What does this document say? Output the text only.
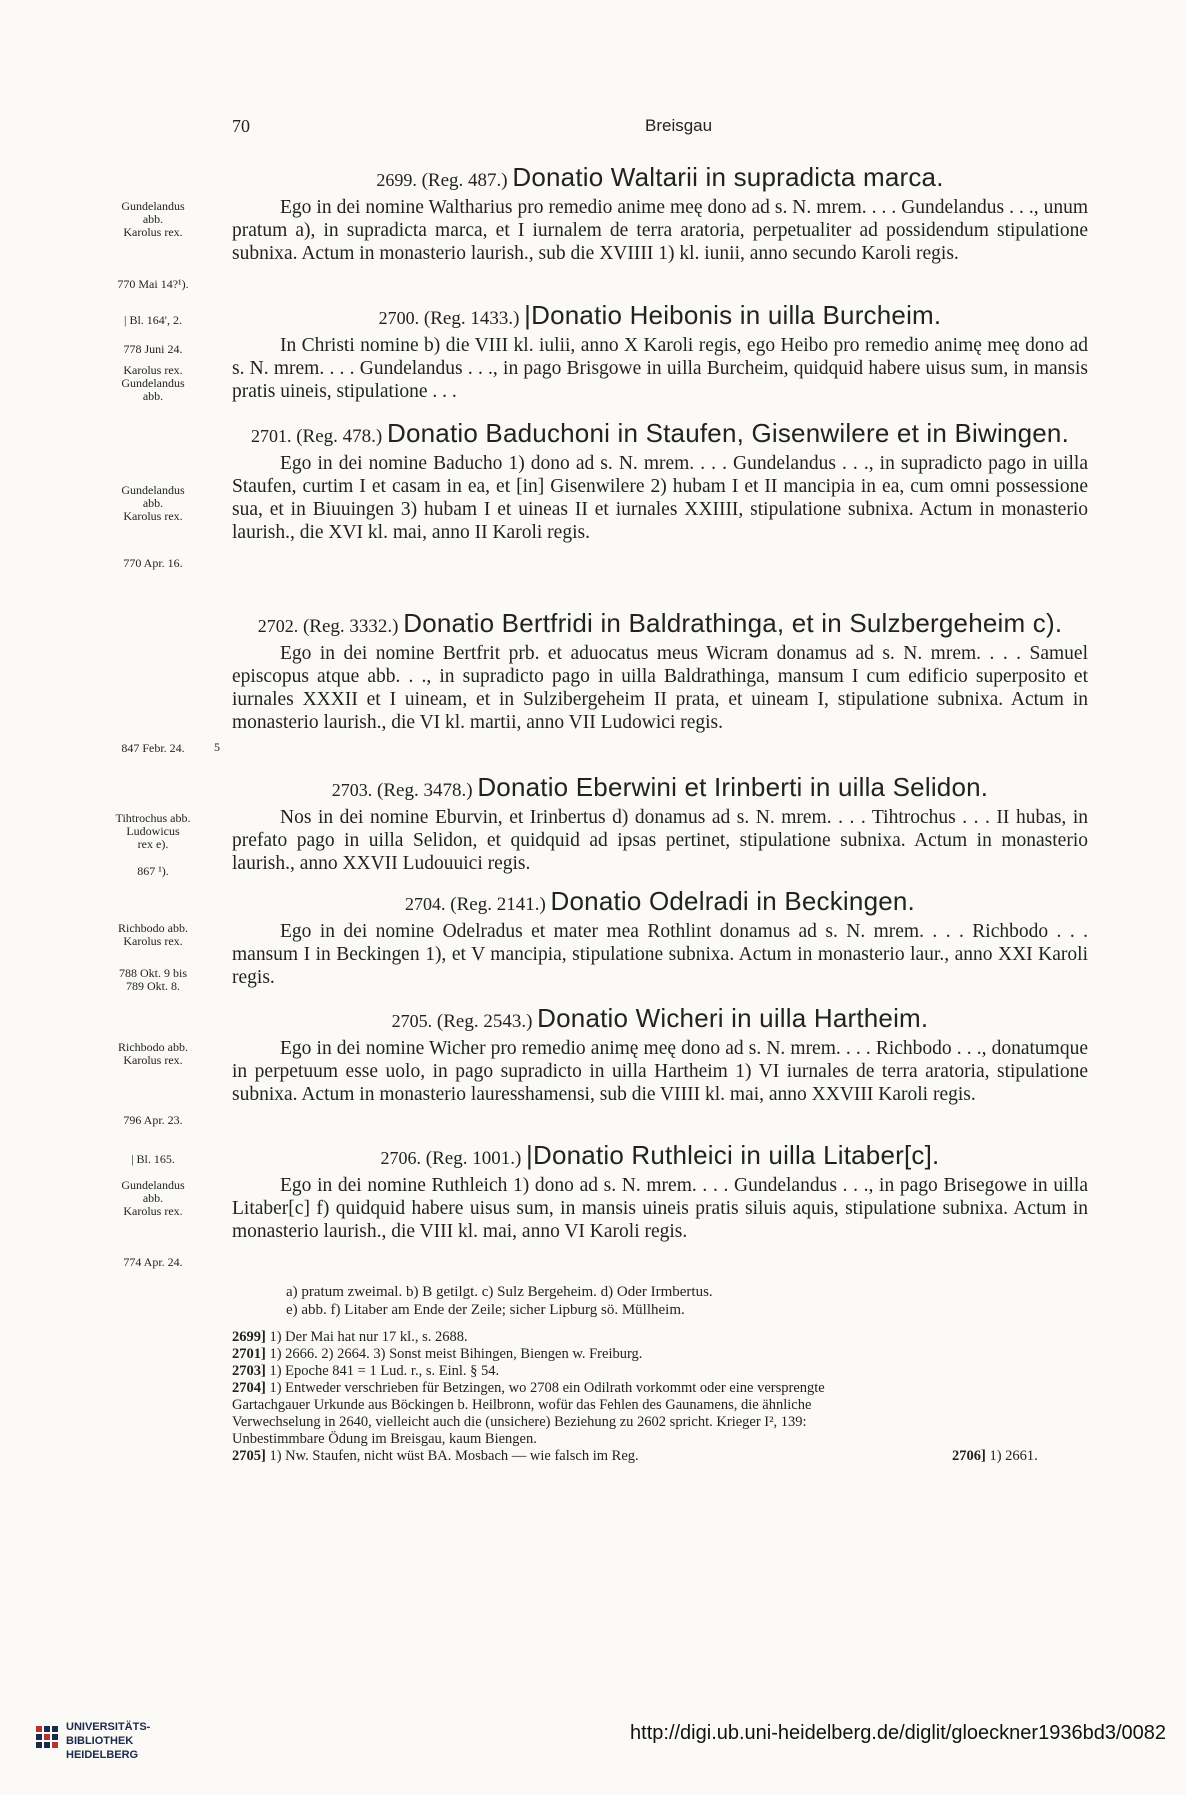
70	Breisgau
2699. (Reg. 487.) Donatio Waltarii in supradicta marca.

Ego in dei nomine Waltharius pro remedio anime meę dono ad s. N. mrem. . . . Gundelandus . . ., unum pratum a), in supradicta marca, et I iurnalem de terra aratoria, perpetualiter ad possidendum stipulatione subnixa. Actum in monasterio laurish., sub die XVIIII 1) kl. iunii, anno secundo Karoli regis.

Gundelandus
abb.
Karolus rex.
770 Mai 14?¹).
2700. (Reg. 1433.) |Donatio Heibonis in uilla Burcheim.

In Christi nomine b) die VIII kl. iulii, anno X Karoli regis, ego Heibo pro remedio animę meę dono ad s. N. mrem. . . . Gundelandus . . ., in pago Brisgowe in uilla Burcheim, quidquid habere uisus sum, in mansis pratis uineis, stipulatione . . .

| Bl. 164', 2.
778 Juni 24.
Karolus rex.
Gundelandus
abb.
2701. (Reg. 478.) Donatio Baduchoni in Staufen, Gisenwilere et in Biwingen.

Ego in dei nomine Baducho 1) dono ad s. N. mrem. . . . Gundelandus . . ., in supradicto pago in uilla Staufen, curtim I et casam in ea, et [in] Gisenwilere 2) hubam I et II mancipia in ea, cum omni possessione sua, et in Biuuingen 3) hubam I et uineas II et iurnales XXIIII, stipulatione subnixa. Actum in monasterio laurish., die XVI kl. mai, anno II Karoli regis.

Gundelandus
abb.
Karolus rex.
770 Apr. 16.
2702. (Reg. 3332.) Donatio Bertfridi in Baldrathinga, et in Sulzbergeheim c).

Ego in dei nomine Bertfrit prb. et aduocatus meus Wicram donamus ad s. N. mrem. . . . Samuel episcopus atque abb. . ., in supradicto pago in uilla Baldrathinga, mansum I cum edificio superposito et iurnales XXXII et I uineam, et in Sulzibergeheim II prata, et uineam I, stipulatione subnixa. Actum in monasterio laurish., die VI kl. martii, anno VII Ludowici regis.

847 Febr. 24.	5
2703. (Reg. 3478.) Donatio Eberwini et Irinberti in uilla Selidon.

Nos in dei nomine Eburvin, et Irinbertus d) donamus ad s. N. mrem. . . . Tihtrochus . . . II hubas, in prefato pago in uilla Selidon, et quidquid ad ipsas pertinet, stipulatione subnixa. Actum in monasterio laurish., anno XXVII Ludouuici regis.

Tihtrochus abb.
Ludowicus
rex e).
867 ¹).
2704. (Reg. 2141.) Donatio Odelradi in Beckingen.

Ego in dei nomine Odelradus et mater mea Rothlint donamus ad s. N. mrem. . . . Richbodo . . . mansum I in Beckingen 1), et V mancipia, stipulatione subnixa. Actum in monasterio laur., anno XXI Karoli regis.

Richbodo abb.
Karolus rex.
788 Okt. 9 bis
789 Okt. 8.
2705. (Reg. 2543.) Donatio Wicheri in uilla Hartheim.

Ego in dei nomine Wicher pro remedio animę meę dono ad s. N. mrem. . . . Richbodo . . ., donatumque in perpetuum esse uolo, in pago supradicto in uilla Hartheim 1) VI iurnales de terra aratoria, stipulatione subnixa. Actum in monasterio lauresshamensi, sub die VIIII kl. mai, anno XXVIII Karoli regis.

Richbodo abb.
Karolus rex.
796 Apr. 23.
2706. (Reg. 1001.) |Donatio Ruthleici in uilla Litaber[c].

Ego in dei nomine Ruthleich 1) dono ad s. N. mrem. . . . Gundelandus . . ., in pago Brisegowe in uilla Litaber[c] f) quidquid habere uisus sum, in mansis uineis pratis siluis aquis, stipulatione subnixa. Actum in monasterio laurish., die VIII kl. mai, anno VI Karoli regis.

| Bl. 165.
Gundelandus
abb.
Karolus rex.
774 Apr. 24.
a) pratum zweimal. b) B getilgt. c) Sulz Bergeheim. d) Oder Irmbertus.
e) abb. f) Litaber am Ende der Zeile; sicher Lipburg sö. Müllheim.
2699] 1) Der Mai hat nur 17 kl., s. 2688.
2701] 1) 2666. 2) 2664. 3) Sonst meist Bihingen, Biengen w. Freiburg.
2703] 1) Epoche 841 = 1 Lud. r., s. Einl. § 54.
2704] 1) Entweder verschrieben für Betzingen, wo 2708 ein Odilrath vorkommt oder eine versprengte
Gartachgauer Urkunde aus Böckingen b. Heilbronn, wofür das Fehlen des Gaunamens, die ähnliche
Verwechselung in 2640, vielleicht auch die (unsichere) Beziehung zu 2602 spricht. Krieger I², 139:
Unbestimmbare Ödung im Breisgau, kaum Biengen.
2705] 1) Nw. Staufen, nicht wüst BA. Mosbach — wie falsch im Reg.	2706] 1) 2661.
UNIVERSITÄTS-
BIBLIOTHEK
HEIDELBERG
http://digi.ub.uni-heidelberg.de/diglit/gloeckner1936bd3/0082
